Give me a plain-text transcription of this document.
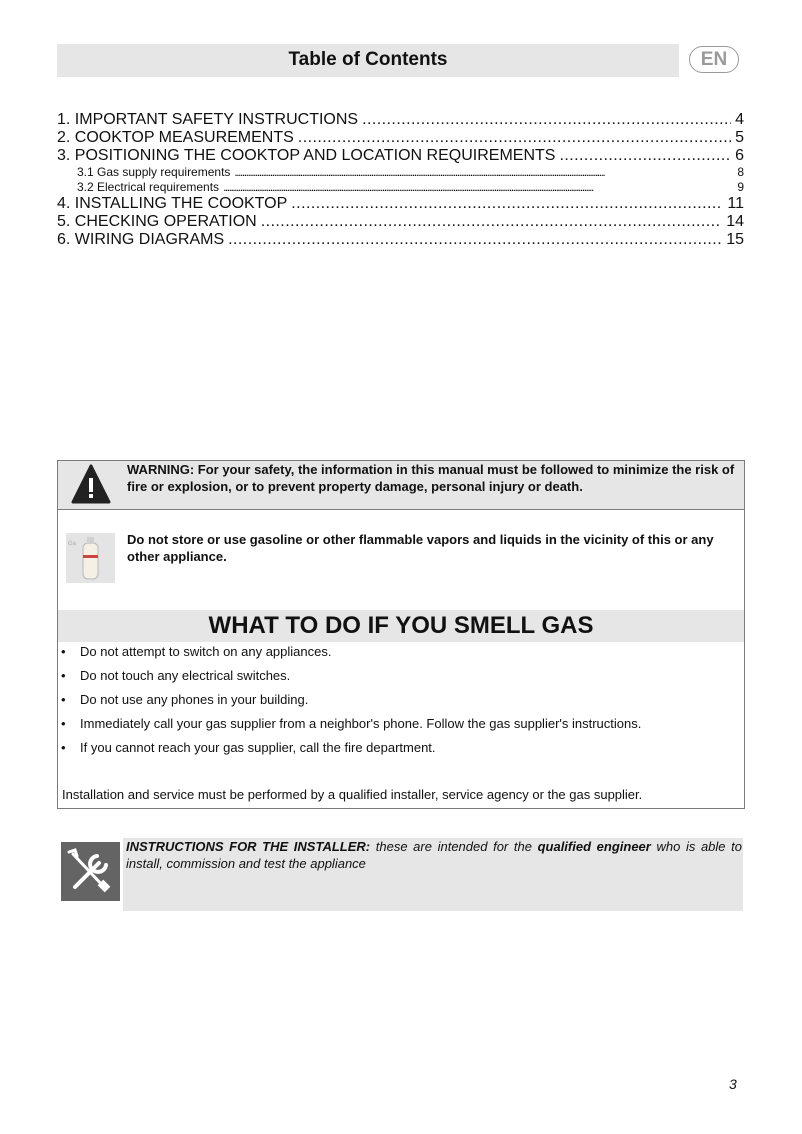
Table of Contents	EN
1. IMPORTANT SAFETY INSTRUCTIONS . . .	4
2. COOKTOP MEASUREMENTS . . .	5
3. POSITIONING THE COOKTOP AND LOCATION REQUIREMENTS . . .	6
3.1 Gas supply requirements . . .	8
3.2 Electrical requirements . . .	9
4. INSTALLING THE COOKTOP . . .	11
5. CHECKING OPERATION . . .	14
6. WIRING DIAGRAMS . . .	15
WARNING: For your safety, the information in this manual must be followed to minimize the risk of fire or explosion, or to prevent property damage, personal injury or death.
Ga	Do not store or use gasoline or other flammable vapors and liquids in the vicinity of this or any other appliance.
WHAT TO DO IF YOU SMELL GAS
• Do not attempt to switch on any appliances.
• Do not touch any electrical switches.
• Do not use any phones in your building.
• Immediately call your gas supplier from a neighbor's phone. Follow the gas supplier's instructions.
• If you cannot reach your gas supplier, call the fire department.
Installation and service must be performed by a qualified installer, service agency or the gas supplier.
INSTRUCTIONS FOR THE INSTALLER: these are intended for the qualified engineer who is able to install, commission and test the appliance
3
